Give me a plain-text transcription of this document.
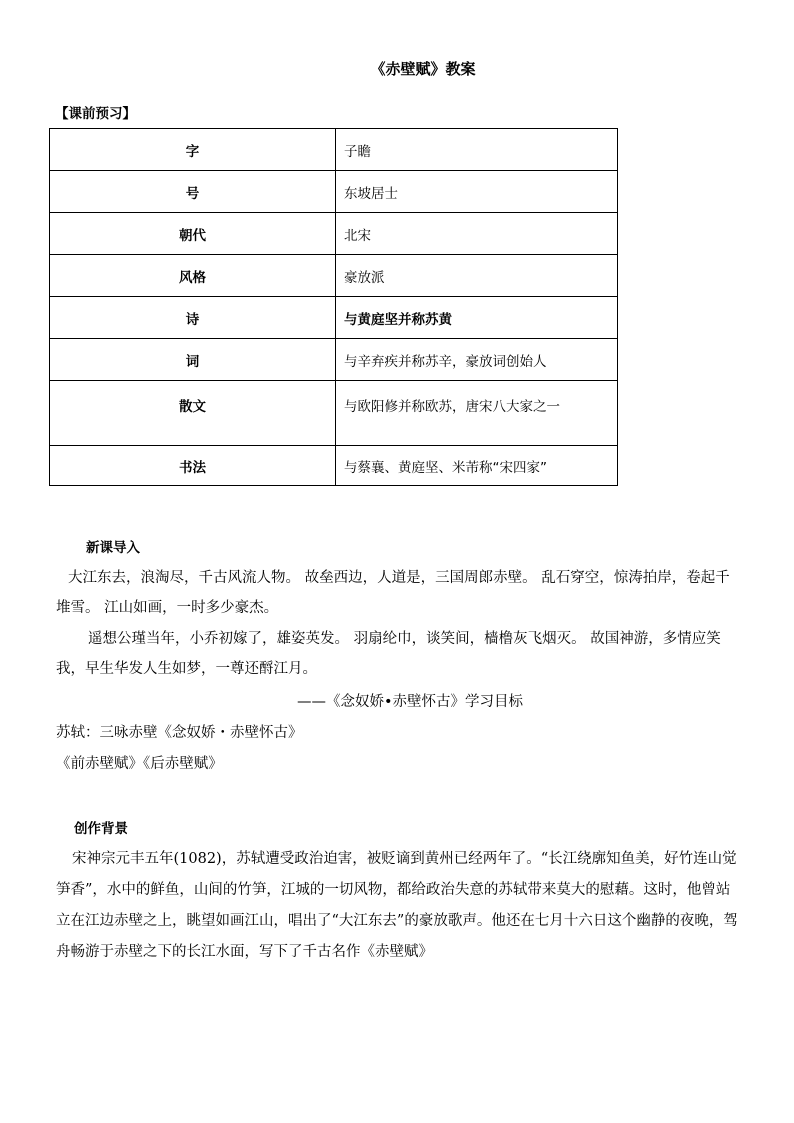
《赤壁赋》教案
【课前预习】
字	子瞻
号	东坡居士
朝代	北宋
风格	豪放派
诗	与黄庭坚并称苏黄
词	与辛弃疾并称苏辛，豪放词创始人
散文	与欧阳修并称欧苏，唐宋八大家之一
书法	与蔡襄、黄庭坚、米芾称“宋四家”
新课导入
大江东去，浪淘尽，千古风流人物。 故垒西边，人道是，三国周郎赤壁。 乱石穿空，惊涛拍岸，卷起千堆雪。 江山如画，一时多少豪杰。
遥想公瑾当年，小乔初嫁了，雄姿英发。 羽扇纶巾，谈笑间，樯橹灰飞烟灭。 故国神游，多情应笑我，早生华发人生如梦，一尊还酹江月。
——《念奴娇•赤壁怀古》学习目标
苏轼：三咏赤壁《念奴娇・赤壁怀古》
《前赤壁赋》《后赤壁赋》
创作背景
宋神宗元丰五年(1082)，苏轼遭受政治迫害，被贬谪到黄州已经两年了。“长江绕廓知鱼美，好竹连山觉笋香”，水中的鲜鱼，山间的竹笋，江城的一切风物，都给政治失意的苏轼带来莫大的慰藉。这时，他曾站立在江边赤壁之上，眺望如画江山，唱出了“大江东去”的豪放歌声。他还在七月十六日这个幽静的夜晚，驾舟畅游于赤壁之下的长江水面，写下了千古名作《赤壁赋》
